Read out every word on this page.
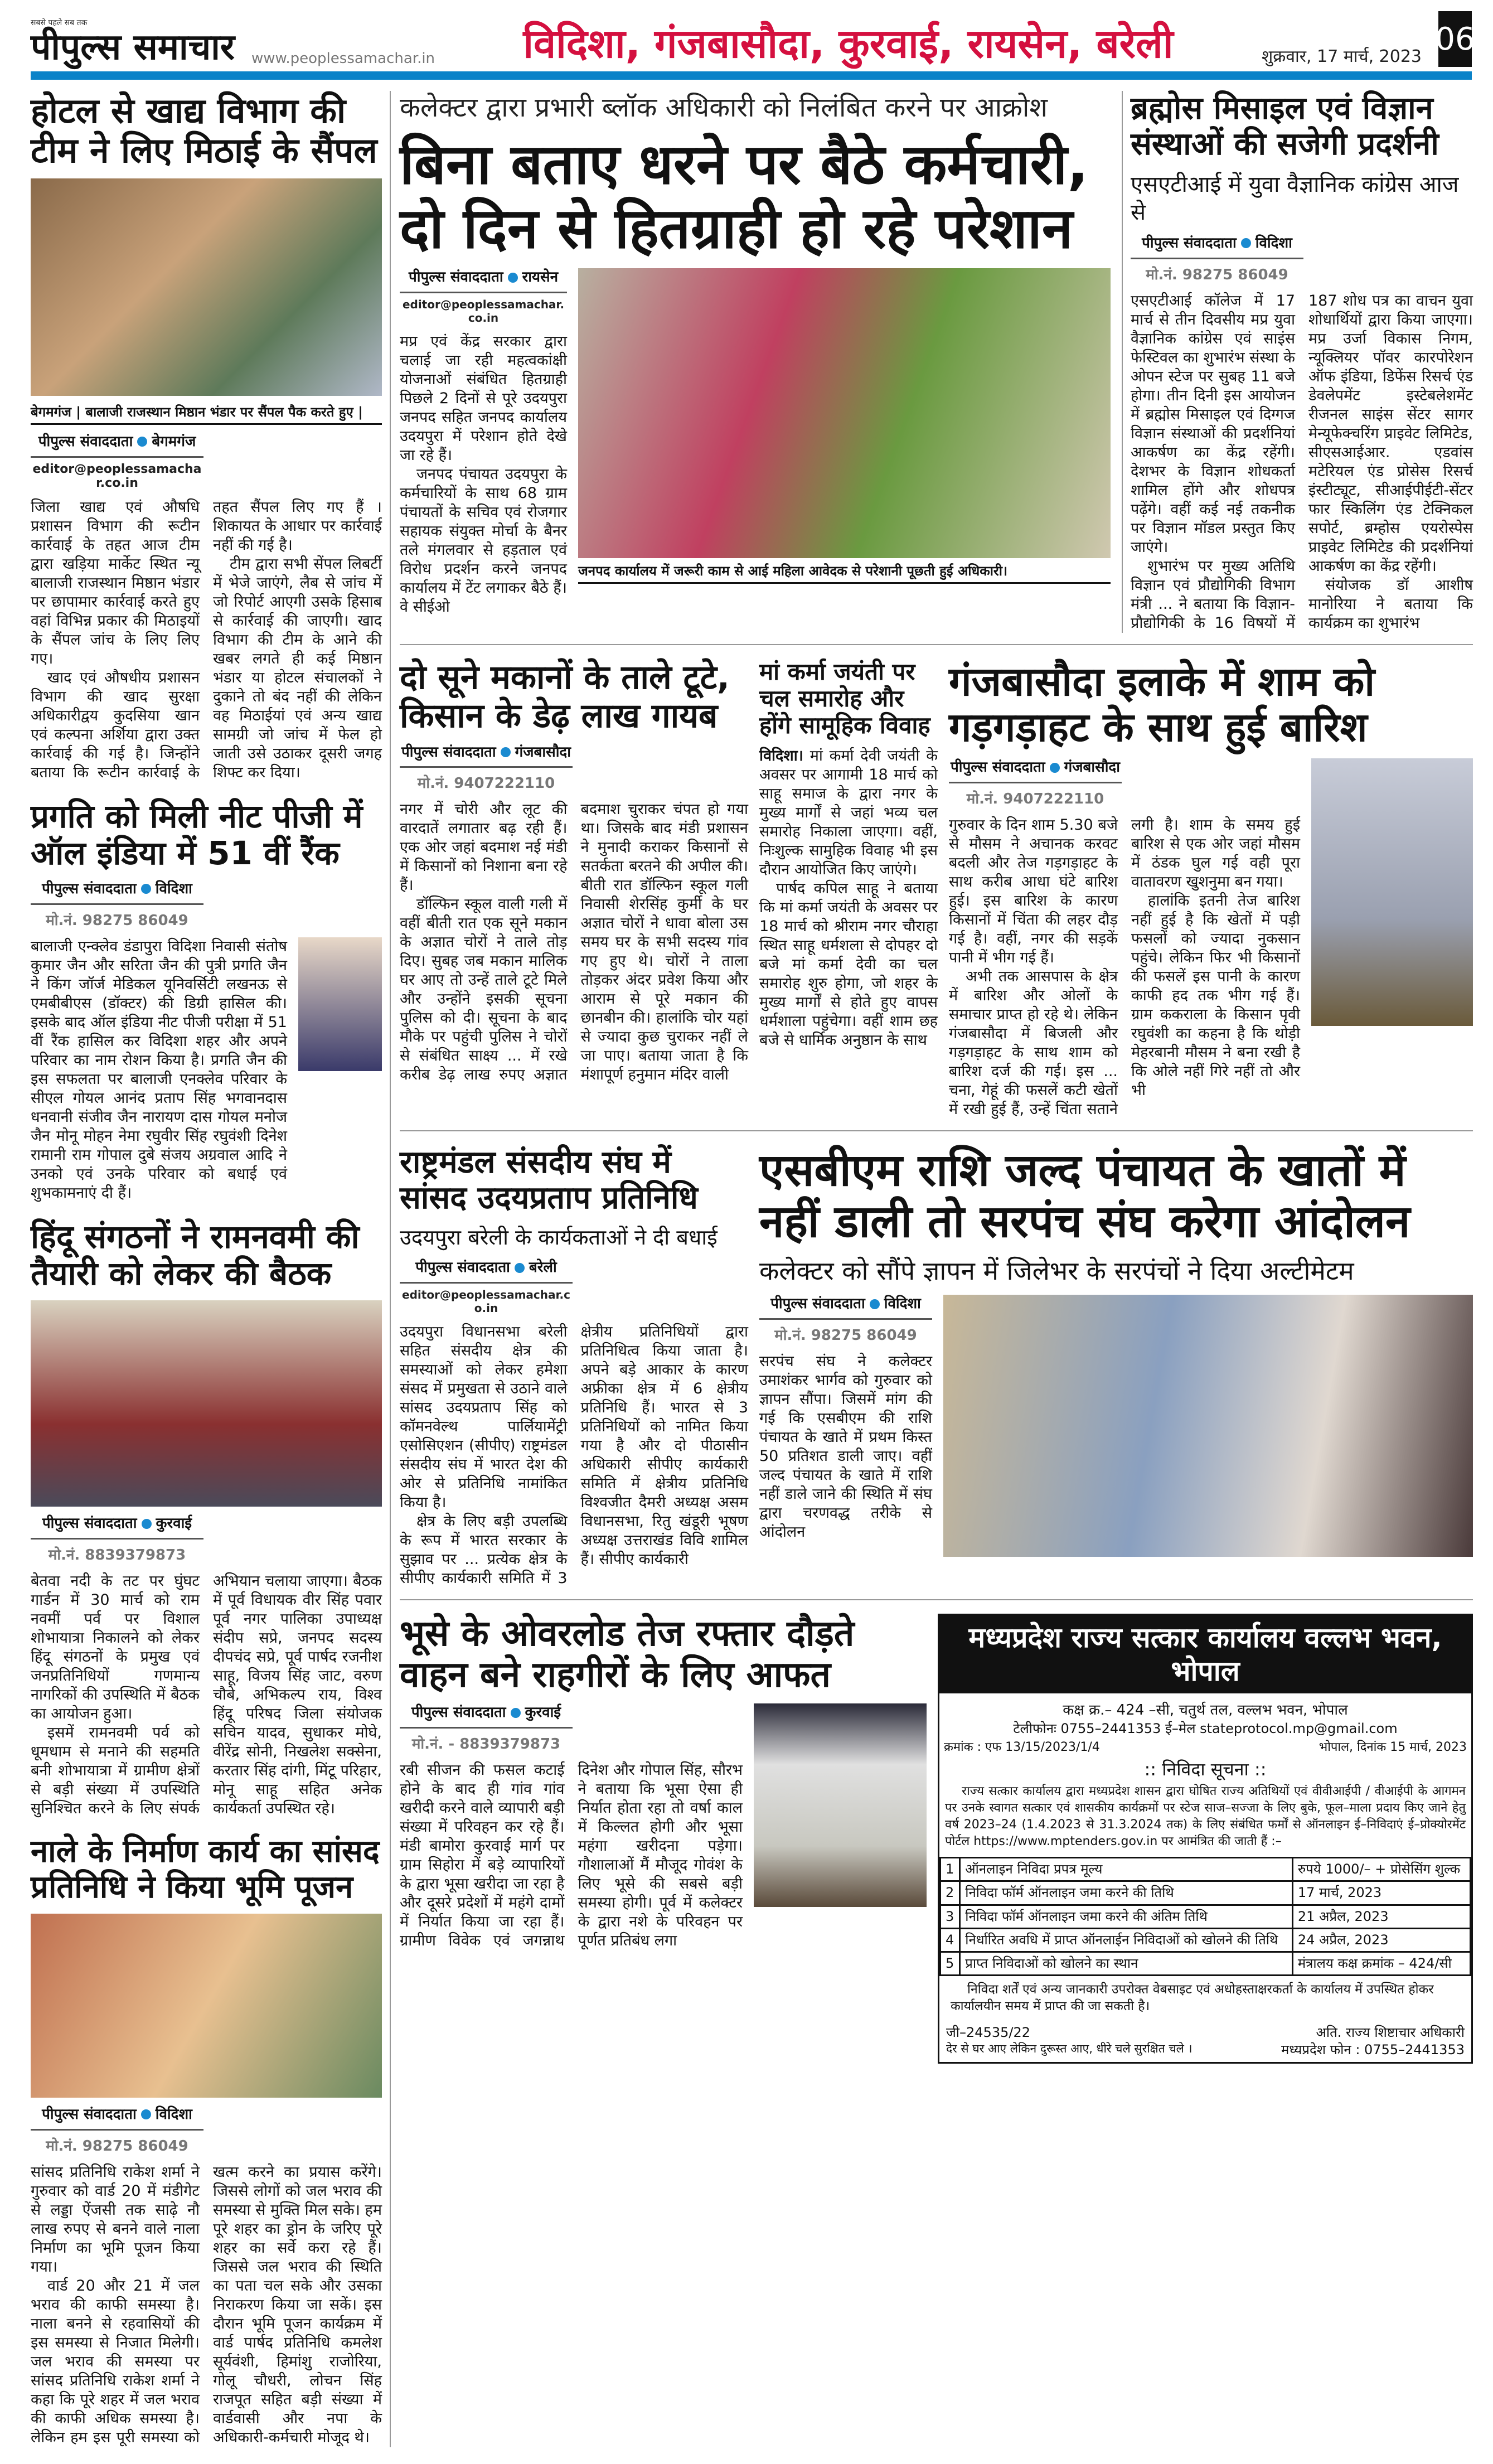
सबसे पहले सब तक
पीपुल्स समाचार www.peoplessamachar.in	विदिशा, गंजबासौदा, कुरवाई, रायसेन, बरेली	शुक्रवार, 17 मार्च, 2023 06
होटल से खाद्य विभाग की टीम ने लिए मिठाई के सैंपल
बेगमगंज | बालाजी राजस्थान मिष्ठान भंडार पर सैंपल पैक करते हुए |
पीपुल्स संवाददाता बेगमगंज
editor@peoplessamachar.co.in

जिला खाद्य एवं औषधि प्रशासन विभाग की रूटीन कार्रवाई के तहत आज टीम द्वारा खड़िया मार्केट स्थित न्यू बालाजी राजस्थान मिष्ठान भंडार पर छापामार कार्रवाई करते हुए वहां विभिन्न प्रकार की मिठाइयों के सैंपल जांच के लिए लिए गए।

खाद एवं औषधीय प्रशासन विभाग की खाद सुरक्षा अधिकारीद्वय कुदसिया खान एवं कल्पना अर्शिया द्वारा उक्त कार्रवाई की गई है। जिन्होंने बताया कि रूटीन कार्रवाई के तहत सैंपल लिए गए हैं । शिकायत के आधार पर कार्रवाई नहीं की गई है।

टीम द्वारा सभी सेंपल लिबर्टी में भेजे जाएंगे, लैब से जांच में जो रिपोर्ट आएगी उसके हिसाब से कार्रवाई की जाएगी। खाद विभाग की टीम के आने की खबर लगते ही कई मिष्ठान भंडार या होटल संचालकों ने दुकाने तो बंद नहीं की लेकिन वह मिठाईयां एवं अन्य खाद्य सामग्री जो जांच में फेल हो जाती उसे उठाकर दूसरी जगह शिफ्ट कर दिया।

प्रगति को मिली नीट पीजी में ऑल इंडिया में 51 वीं रैंक
पीपुल्स संवाददाता विदिशा
मो.नं. 98275 86049

बालाजी एन्क्लेव डंडापुरा विदिशा निवासी संतोष कुमार जैन और सरिता जैन की पुत्री प्रगति जैन ने किंग जॉर्ज मेडिकल यूनिवर्सिटी लखनऊ से एमबीबीएस (डॉक्टर) की डिग्री हासिल की। इसके बाद ऑल इंडिया नीट पीजी परीक्षा में 51 वीं रैंक हासिल कर विदिशा शहर और अपने परिवार का नाम रोशन किया है। प्रगति जैन की इस सफलता पर बालाजी एनक्लेव परिवार के सीएल गोयल आनंद प्रताप सिंह भगवानदास धनवानी संजीव जैन नारायण दास गोयल मनोज जैन मोनू मोहन नेमा रघुवीर सिंह रघुवंशी दिनेश रामानी राम गोपाल दुबे संजय अग्रवाल आदि ने उनको एवं उनके परिवार को बधाई एवं शुभकामनाएं दी हैं।

हिंदू संगठनों ने रामनवमी की तैयारी को लेकर की बैठक
पीपुल्स संवाददाता कुरवाई
मो.नं. 8839379873

बेतवा नदी के तट पर घुंघट गार्डन में 30 मार्च को राम नवमीं पर्व पर विशाल शोभायात्रा निकालने को लेकर हिंदू संगठनों के प्रमुख एवं जनप्रतिनिधियों गणमान्य नागरिकों की उपस्थिति में बैठक का आयोजन हुआ।

इसमें रामनवमी पर्व को धूमधाम से मनाने की सहमति बनी शोभायात्रा में ग्रामीण क्षेत्रों से बड़ी संख्या में उपस्थिति सुनिश्चित करने के लिए संपर्क अभियान चलाया जाएगा। बैठक में पूर्व विधायक वीर सिंह पवार पूर्व नगर पालिका उपाध्यक्ष संदीप सप्रे, जनपद सदस्य दीपचंद सप्रे, पूर्व पार्षद रजनीश साहू, विजय सिंह जाट, वरुण चौबे, अभिकल्प राय, विश्व हिंदू परिषद जिला संयोजक सचिन यादव, सुधाकर मोघे, वीरेंद्र सोनी, निखलेश सक्सेना, करतार सिंह दांगी, मिंटू परिहार, मोनू साहू सहित अनेक कार्यकर्ता उपस्थित रहे।

नाले के निर्माण कार्य का सांसद प्रतिनिधि ने किया भूमि पूजन
पीपुल्स संवाददाता विदिशा
मो.नं. 98275 86049

सांसद प्रतिनिधि राकेश शर्मा ने गुरुवार को वार्ड 20 में मंडीगेट से लड्डा ऐंजसी तक साढ़े नौ लाख रुपए से बनने वाले नाला निर्माण का भूमि पूजन किया गया।

वार्ड 20 और 21 में जल भराव की काफी समस्या है। नाला बनने से रहवासियों की इस समस्या से निजात मिलेगी। जल भराव की समस्या पर सांसद प्रतिनिधि राकेश शर्मा ने कहा कि पूरे शहर में जल भराव की काफी अधिक समस्या है। लेकिन हम इस पूरी समस्या को खत्म करने का प्रयास करेंगे। जिससे लोगों को जल भराव की समस्या से मुक्ति मिल सके। हम पूरे शहर का ड्रोन के जरिए पूरे शहर का सर्वे करा रहे हैं। जिससे जल भराव की स्थिति का पता चल सके और उसका निराकरण किया जा सकें। इस दौरान भूमि पूजन कार्यक्रम में वार्ड पार्षद प्रतिनिधि कमलेश सूर्यवंशी, हिमांशु राजोरिया, गोलू चौधरी, लोचन सिंह राजपूत सहित बड़ी संख्या में वार्डवासी और नपा के अधिकारी-कर्मचारी मोजूद थे।

कलेक्टर द्वारा प्रभारी ब्लॉक अधिकारी को निलंबित करने पर आक्रोश
बिना बताए धरने पर बैठे कर्मचारी, दो दिन से हितग्राही हो रहे परेशान
पीपुल्स संवाददाता रायसेन
editor@peoplessamachar.co.in

मप्र एवं केंद्र सरकार द्वारा चलाई जा रही महत्वकांक्षी योजनाओं संबंधित हितग्राही पिछले 2 दिनों से पूरे उदयपुरा जनपद सहित जनपद कार्यालय उदयपुरा में परेशान होते देखे जा रहे हैं।

जनपद पंचायत उदयपुरा के कर्मचारियों के साथ 68 ग्राम पंचायतों के सचिव एवं रोजगार सहायक संयुक्त मोर्चा के बैनर तले मंगलवार से हड़ताल एवं विरोध प्रदर्शन करने जनपद कार्यालय में टेंट लगाकर बैठे हैं। वे सीईओ

जनपद कार्यालय में जरूरी काम से आई महिला आवेदक से परेशानी पूछती हुई अधिकारी।
ब्रह्मोस मिसाइल एवं विज्ञान संस्थाओं की सजेगी प्रदर्शनी
एसएटीआई में युवा वैज्ञानिक कांग्रेस आज से
पीपुल्स संवाददाता विदिशा
मो.नं. 98275 86049

एसएटीआई कॉलेज में 17 मार्च से तीन दिवसीय मप्र युवा वैज्ञानिक कांग्रेस एवं साइंस फेस्टिवल का शुभारंभ संस्था के ओपन स्टेज पर सुबह 11 बजे होगा। तीन दिनी इस आयोजन में ब्रह्मोस मिसाइल एवं दिग्गज विज्ञान संस्थाओं की प्रदर्शनियां आकर्षण का केंद्र रहेंगी। देशभर के विज्ञान शोधकर्ता शामिल होंगे और शोधपत्र पढ़ेंगे। वहीं कई नई तकनीक पर विज्ञान मॉडल प्रस्तुत किए जाएंगे।

शुभारंभ पर मुख्य अतिथि विज्ञान एवं प्रौद्योगिकी विभाग मंत्री ... ने बताया कि विज्ञान-प्रौद्योगिकी के 16 विषयों में 187 शोध पत्र का वाचन युवा शोधार्थियों द्वारा किया जाएगा। मप्र उर्जा विकास निगम, न्यूक्लियर पॉवर कारपोरेशन ऑफ इंडिया, डिफेंस रिसर्च एंड डेवलेपमेंट इस्टेबलेशमेंट रीजनल साइंस सेंटर सागर मेन्यूफेक्चरिंग प्राइवेट लिमिटेड, सीएसआईआर. एडवांस मटेरियल एंड प्रोसेस रिसर्च इंस्टीट्यूट, सीआईपीईटी-सेंटर फार स्किलिंग एंड टेक्निकल सपोर्ट, ब्रम्होस एयरोस्पेस प्राइवेट लिमिटेड की प्रदर्शनियां आकर्षण का केंद्र रहेंगी।

संयोजक डॉ आशीष मानोरिया ने बताया कि कार्यक्रम का शुभारंभ

दो सूने मकानों के ताले टूटे, किसान के डेढ़ लाख गायब
पीपुल्स संवाददाता गंजबासौदा
मो.नं. 9407222110

नगर में चोरी और लूट की वारदातें लगातार बढ़ रही हैं। एक ओर जहां बदमाश नई मंडी में किसानों को निशाना बना रहे हैं।

डॉल्फिन स्कूल वाली गली में वहीं बीती रात एक सूने मकान के अज्ञात चोरों ने ताले तोड़ दिए। सुबह जब मकान मालिक घर आए तो उन्हें ताले टूटे मिले और उन्होंने इसकी सूचना पुलिस को दी। सूचना के बाद मौके पर पहुंची पुलिस ने चोरों से संबंधित साक्ष्य ... में रखे करीब डेढ़ लाख रुपए अज्ञात बदमाश चुराकर चंपत हो गया था। जिसके बाद मंडी प्रशासन ने मुनादी कराकर किसानों से सतर्कता बरतने की अपील की। बीती रात डॉल्फिन स्कूल गली निवासी शेरसिंह कुर्मी के घर अज्ञात चोरों ने धावा बोला उस समय घर के सभी सदस्य गांव गए हुए थे। चोरों ने ताला तोड़कर अंदर प्रवेश किया और आराम से पूरे मकान की छानबीन की। हालांकि चोर यहां से ज्यादा कुछ चुराकर नहीं ले जा पाए। बताया जाता है कि मंशापूर्ण हनुमान मंदिर वाली

मां कर्मा जयंती पर चल समारोह और होंगे सामूहिक विवाह

विदिशा। मां कर्मा देवी जयंती के अवसर पर आगामी 18 मार्च को साहू समाज के द्वारा नगर के मुख्य मार्गों से जहां भव्य चल समारोह निकाला जाएगा। वहीं, निःशुल्क सामुहिक विवाह भी इस दौरान आयोजित किए जाएंगे।

पार्षद कपिल साहू ने बताया कि मां कर्मा जयंती के अवसर पर 18 मार्च को श्रीराम नगर चौराहा स्थित साहू धर्मशला से दोपहर दो बजे मां कर्मा देवी का चल समारोह शुरु होगा, जो शहर के मुख्य मार्गों से होते हुए वापस धर्मशाला पहुंचेगा। वहीं शाम छह बजे से धार्मिक अनुष्ठान के साथ

गंजबासौदा इलाके में शाम को गड़गड़ाहट के साथ हुई बारिश
पीपुल्स संवाददाता गंजबासौदा
मो.नं. 9407222110

गुरुवार के दिन शाम 5.30 बजे से मौसम ने अचानक करवट बदली और तेज गड़गड़ाहट के साथ करीब आधा घंटे बारिश हुई। इस बारिश के कारण किसानों में चिंता की लहर दौड़ गई है। वहीं, नगर की सड़कें पानी में भीग गई हैं।

अभी तक आसपास के क्षेत्र में बारिश और ओलों के समाचार प्राप्त हो रहे थे। लेकिन गंजबासौदा में बिजली और गड़गड़ाहट के साथ शाम को बारिश दर्ज की गई। इस ... चना, गेहूं की फसलें कटी खेतों में रखी हुई हैं, उन्हें चिंता सताने लगी है। शाम के समय हुई बारिश से एक ओर जहां मौसम में ठंडक घुल गई वही पूरा वातावरण खुशनुमा बन गया।

हालांकि इतनी तेज बारिश नहीं हुई है कि खेतों में पड़ी फसलों को ज्यादा नुकसान पहुंचे। लेकिन फिर भी किसानों की फसलें इस पानी के कारण काफी हद तक भीग गई हैं। ग्राम ककराला के किसान पृवी रघुवंशी का कहना है कि थोड़ी मेहरबानी मौसम ने बना रखी है कि ओले नहीं गिरे नहीं तो और भी

राष्ट्रमंडल संसदीय संघ में सांसद उदयप्रताप प्रतिनिधि
उदयपुरा बरेली के कार्यकताओं ने दी बधाई
पीपुल्स संवाददाता बरेली
editor@peoplessamachar.co.in

उदयपुरा विधानसभा बरेली सहित संसदीय क्षेत्र की समस्याओं को लेकर हमेशा संसद में प्रमुखता से उठाने वाले सांसद उदयप्रताप सिंह को कॉमनवेल्थ पार्लियामेंट्री एसोसिएशन (सीपीए) राष्ट्रमंडल संसदीय संघ में भारत देश की ओर से प्रतिनिधि नामांकित किया है।

क्षेत्र के लिए बड़ी उपलब्धि के रूप में भारत सरकार के सुझाव पर ... प्रत्येक क्षेत्र के सीपीए कार्यकारी समिति में 3 क्षेत्रीय प्रतिनिधियों द्वारा प्रतिनिधित्व किया जाता है। अपने बड़े आकार के कारण अफ्रीका क्षेत्र में 6 क्षेत्रीय प्रतिनिधि हैं। भारत से 3 प्रतिनिधियों को नामित किया गया है और दो पीठासीन अधिकारी सीपीए कार्यकारी समिति में क्षेत्रीय प्रतिनिधि विश्वजीत दैमरी अध्यक्ष असम विधानसभा, रितु खंडूरी भूषण अध्यक्ष उत्तराखंड विवि शामिल हैं। सीपीए कार्यकारी

एसबीएम राशि जल्द पंचायत के खातों में नहीं डाली तो सरपंच संघ करेगा आंदोलन
कलेक्टर को सौंपे ज्ञापन में जिलेभर के सरपंचों ने दिया अल्टीमेटम
पीपुल्स संवाददाता विदिशा
मो.नं. 98275 86049

सरपंच संघ ने कलेक्टर उमाशंकर भार्गव को गुरुवार को ज्ञापन सौंपा। जिसमें मांग की गई कि एसबीएम की राशि पंचायत के खाते में प्रथम किस्त 50 प्रतिशत डाली जाए। वहीं जल्द पंचायत के खाते में राशि नहीं डाले जाने की स्थिति में संघ द्वारा चरणवद्ध तरीके से आंदोलन

भूसे के ओवरलोड तेज रफ्तार दौड़ते वाहन बने राहगीरों के लिए आफत
पीपुल्स संवाददाता कुरवाई
मो.नं. - 8839379873

रबी सीजन की फसल कटाई होने के बाद ही गांव गांव खरीदी करने वाले व्यापारी बड़ी संख्या में परिवहन कर रहे हैं। मंडी बामोरा कुरवाई मार्ग पर ग्राम सिहोरा में बड़े व्यापारियों के द्वारा भूसा खरीदा जा रहा है और दूसरे प्रदेशों में महंगे दामों में निर्यात किया जा रहा हैं। ग्रामीण विवेक एवं जगन्नाथ दिनेश और गोपाल सिंह, सौरभ ने बताया कि भूसा ऐसा ही निर्यात होता रहा तो वर्षा काल में किल्लत होगी और भूसा महंगा खरीदना पड़ेगा। गौशालाओं मैं मौजूद गोवंश के लिए भूसे की सबसे बड़ी समस्या होगी। पूर्व में कलेक्टर के द्वारा नशे के परिवहन पर पूर्णत प्रतिबंध लगा

मध्यप्रदेश राज्य सत्कार कार्यालय वल्लभ भवन, भोपाल
कक्ष क्र.– 424 –सी, चतुर्थ तल, वल्लभ भवन, भोपाल
टेलीफोनः 0755–2441353 ई–मेल stateprotocol.mp@gmail.com
क्रमांक : एफ 13/15/2023/1/4	भोपाल, दिनांक 15 मार्च, 2023
:: निविदा सूचना ::
राज्य सत्कार कार्यालय द्वारा मध्यप्रदेश शासन द्वारा घोषित राज्य अतिथियों एवं वीवीआईपी / वीआईपी के आगमन पर उनके स्वागत सत्कार एवं शासकीय कार्यक्रमों पर स्टेज साज–सज्जा के लिए बुके, फूल–माला प्रदाय किए जाने हेतु वर्ष 2023–24 (1.4.2023 से 31.3.2024 तक) के लिए संबंधित फर्मों से ऑनलाइन ई–निविदाएं ई–प्रोक्योरमेंट पोर्टल https://www.mptenders.gov.in पर आमंत्रित की जाती हैं :–
1	ऑनलाइन निविदा प्रपत्र मूल्य	रुपये 1000/– + प्रोसेसिंग शुल्क
2	निविदा फॉर्म ऑनलाइन जमा करने की तिथि	17 मार्च, 2023
3	निविदा फॉर्म ऑनलाइन जमा करने की अंतिम तिथि	21 अप्रैल, 2023
4	निर्धारित अवधि में प्राप्त ऑनलाईन निविदाओं को खोलने की तिथि	24 अप्रैल, 2023
5	प्राप्त निविदाओं को खोलने का स्थान	मंत्रालय कक्ष क्रमांक – 424/सी
निविदा शर्तें एवं अन्य जानकारी उपरोक्त वेबसाइट एवं अधोहस्ताक्षरकर्ता के कार्यालय में उपस्थित होकर कार्यालयीन समय में प्राप्त की जा सकती है।
जी–24535/22
देर से घर आए लेकिन दुरूस्त आए, धीरे चले सुरक्षित चले ।
अति. राज्य शिष्टाचार अधिकारी
मध्यप्रदेश फोन : 0755–2441353
